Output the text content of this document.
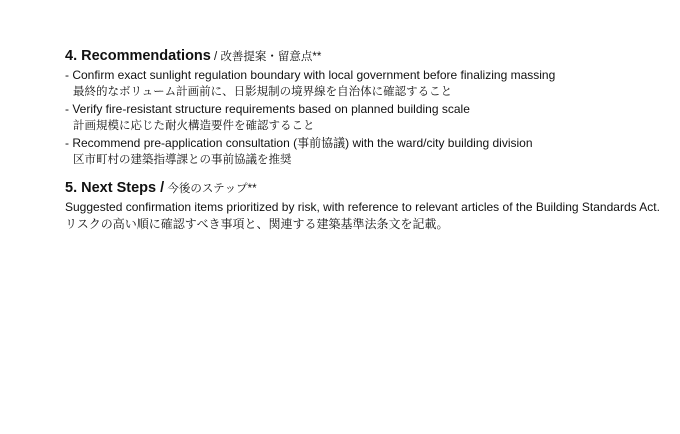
4. Recommendations / 改善提案・留意点**
- Confirm exact sunlight regulation boundary with local government before finalizing massing
最終的なボリューム計画前に、日影規制の境界線を自治体に確認すること
- Verify fire-resistant structure requirements based on planned building scale
計画規模に応じた耐火構造要件を確認すること
- Recommend pre-application consultation (事前協議) with the ward/city building division
区市町村の建築指導課との事前協議を推奨
5. Next Steps / 今後のステップ**

Suggested confirmation items prioritized by risk, with reference to relevant articles of the Building Standards Act.

リスクの高い順に確認すべき事項と、関連する建築基準法条文を記載。
